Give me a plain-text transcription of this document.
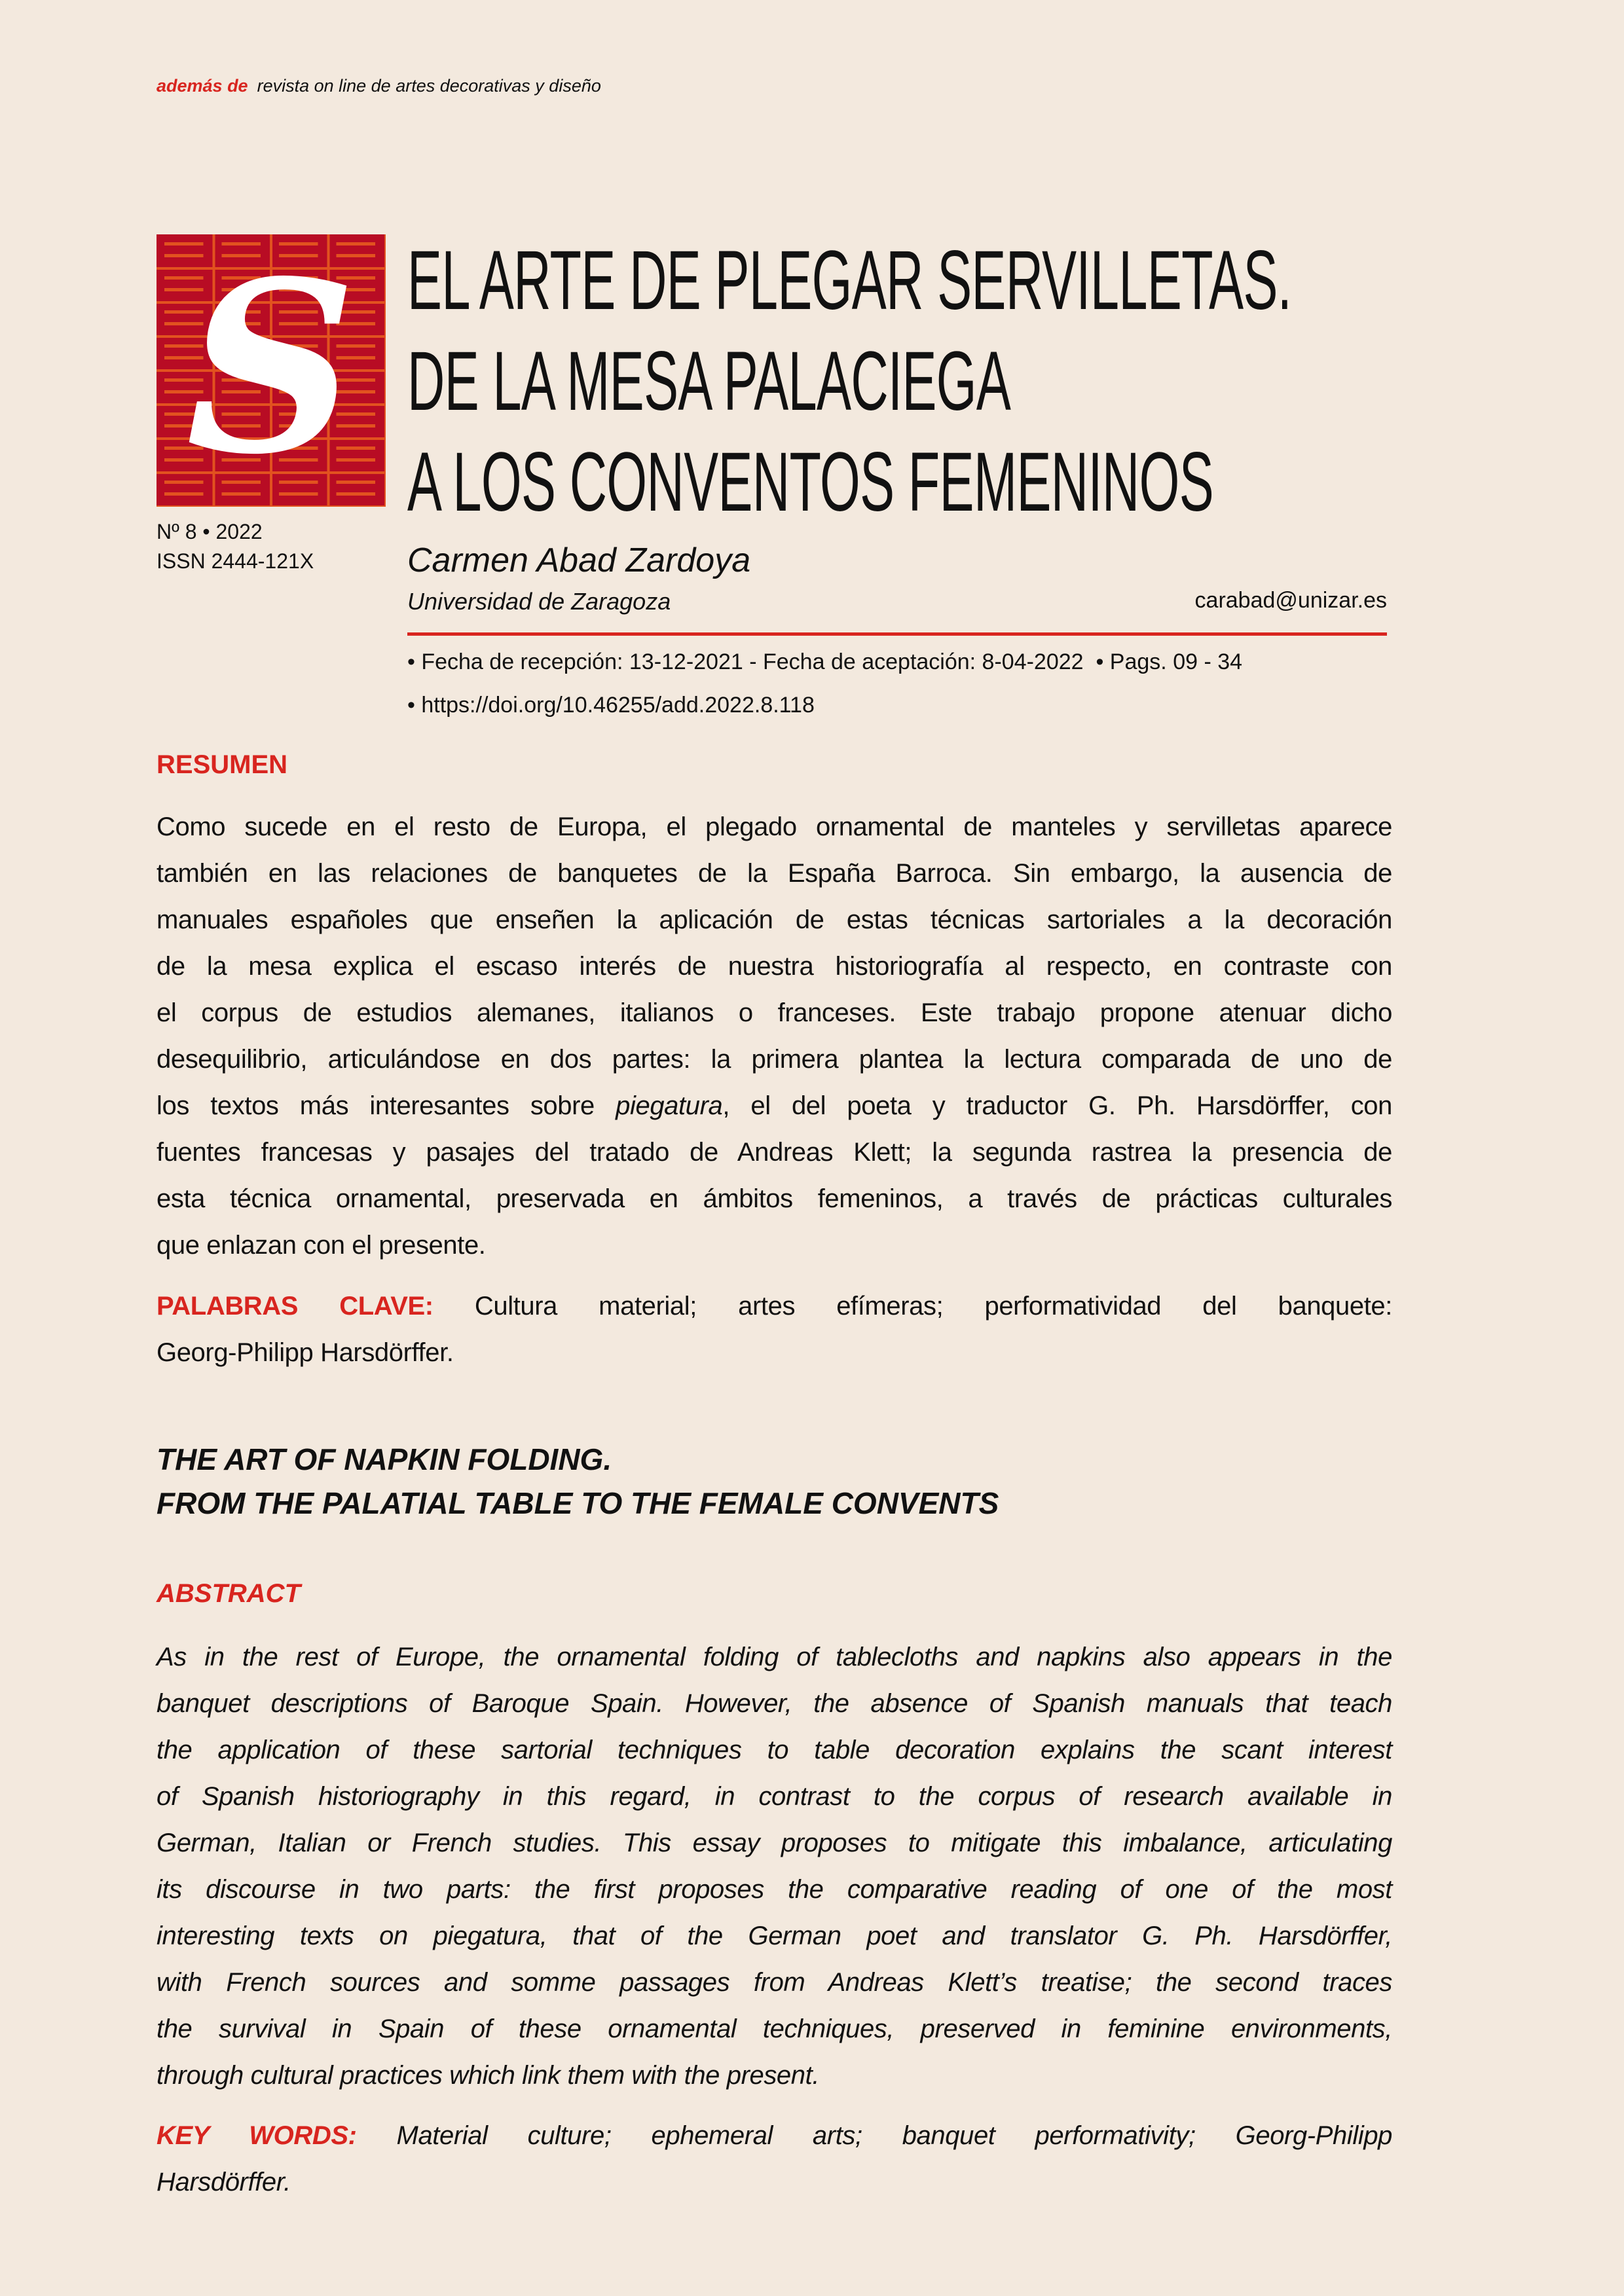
además de revista on line de artes decorativas y diseño
S EL ARTE DE PLEGAR SERVILLETAS.
DE LA MESA PALACIEGA
A LOS CONVENTOS FEMENINOS
Nº 8 • 2022
ISSN 2444-121X	Carmen Abad Zardoya
Universidad de Zaragoza	carabad@unizar.es
• Fecha de recepción: 13-12-2021 - Fecha de aceptación: 8-04-2022  • Pags. 09 - 34
• https://doi.org/10.46255/add.2022.8.118
RESUMEN
Como sucede en el resto de Europa, el plegado ornamental de manteles y servilletas aparece
también en las relaciones de banquetes de la España Barroca. Sin embargo, la ausencia de
manuales españoles que enseñen la aplicación de estas técnicas sartoriales a la decoración
de la mesa explica el escaso interés de nuestra historiografía al respecto, en contraste con
el corpus de estudios alemanes, italianos o franceses. Este trabajo propone atenuar dicho
desequilibrio, articulándose en dos partes: la primera plantea la lectura comparada de uno de
los textos más interesantes sobre piegatura, el del poeta y traductor G. Ph. Harsdörffer, con
fuentes francesas y pasajes del tratado de Andreas Klett; la segunda rastrea la presencia de
esta técnica ornamental, preservada en ámbitos femeninos, a través de prácticas culturales
que enlazan con el presente.
PALABRAS CLAVE: Cultura material; artes efímeras; performatividad del banquete:
Georg-Philipp Harsdörffer.
THE ART OF NAPKIN FOLDING.
FROM THE PALATIAL TABLE TO THE FEMALE CONVENTS
ABSTRACT
As in the rest of Europe, the ornamental folding of tablecloths and napkins also appears in the
banquet descriptions of Baroque Spain. However, the absence of Spanish manuals that teach
the application of these sartorial techniques to table decoration explains the scant interest
of Spanish historiography in this regard, in contrast to the corpus of research available in
German, Italian or French studies. This essay proposes to mitigate this imbalance, articulating
its discourse in two parts: the first proposes the comparative reading of one of the most
interesting texts on piegatura, that of the German poet and translator G. Ph. Harsdörffer,
with French sources and somme passages from Andreas Klett’s treatise; the second traces
the survival in Spain of these ornamental techniques, preserved in feminine environments,
through cultural practices which link them with the present.
KEY WORDS: Material culture; ephemeral arts; banquet performativity; Georg-Philipp
Harsdörffer.
